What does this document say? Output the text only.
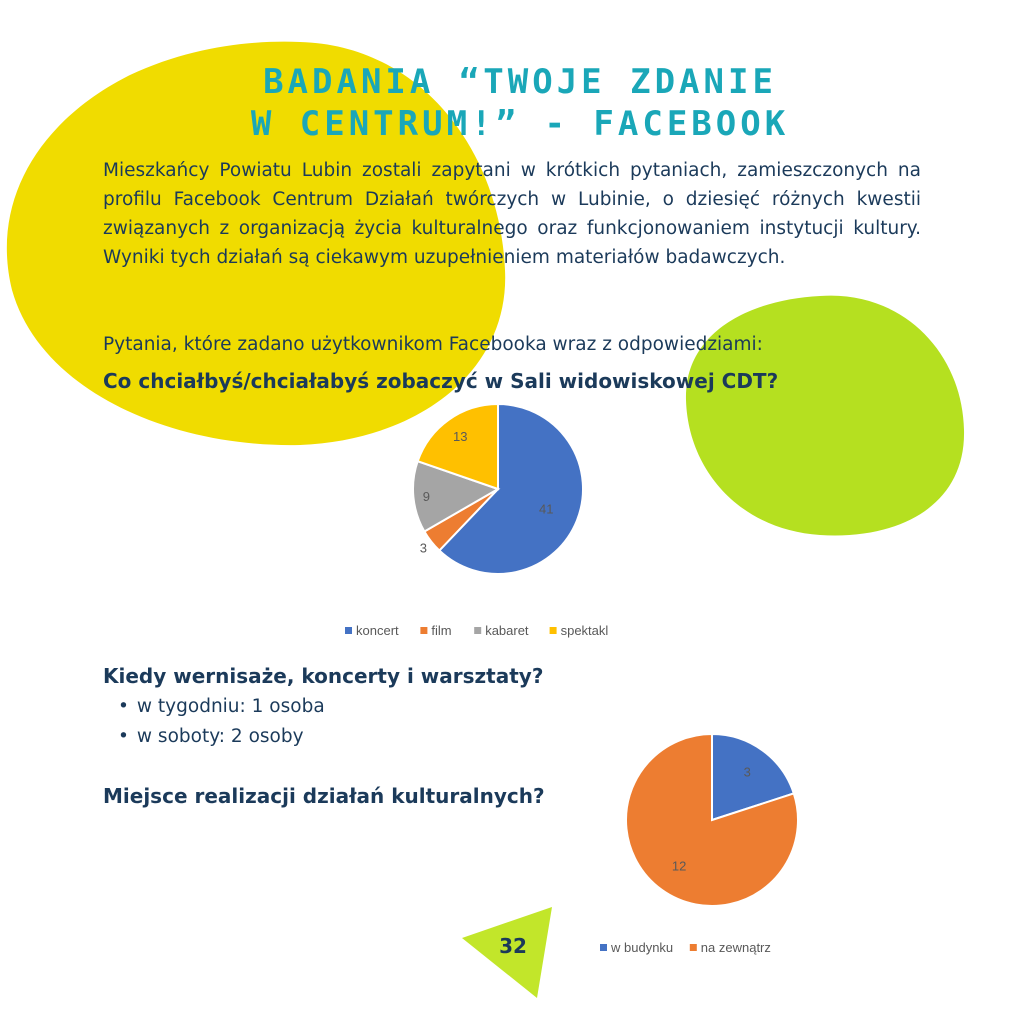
BADANIA “TWOJE ZDANIE
W CENTRUM!” - FACEBOOK

Mieszkańcy Powiatu Lubin zostali zapytani w krótkich pytaniach, zamieszczonych na profilu Facebook Centrum Działań twórczych w Lubinie, o dziesięć różnych kwestii związanych z organizacją życia kulturalnego oraz funkcjonowaniem instytucji kultury. Wyniki tych działań są ciekawym uzupełnieniem materiałów badawczych.

Pytania, które zadano użytkownikom Facebooka wraz z odpowiedziami:

Co chciałbyś/chciałabyś zobaczyć w Sali widowiskowej CDT?
41
3
9
13
koncert	film	kabaret spektakl
Kiedy wernisaże, koncerty i warsztaty?
• w tygodniu: 1 osoba
• w soboty: 2 osoby
Miejsce realizacji działań kulturalnych?
3
12
w budynku na zewnątrz

32
